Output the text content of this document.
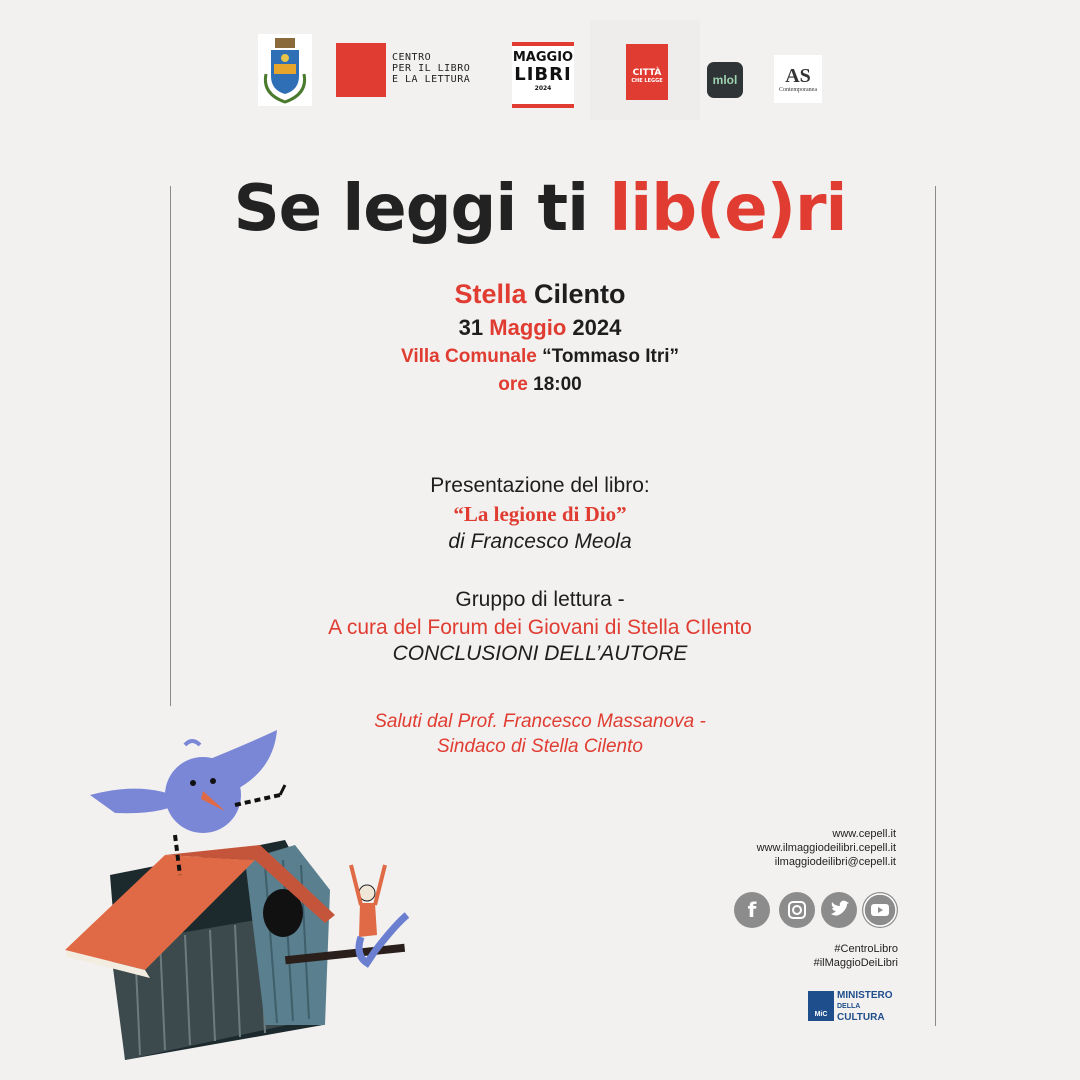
CENTRO
PER IL LIBRO
E LA LETTURA
MAGGIO
LIBRI
2024
CITTÀ
CHE LEGGE	mlol	AS
Contemporanea
Se leggi ti lib(e)ri
Stella Cilento
31 Maggio 2024
Villa Comunale “Tommaso Itri”
ore 18:00
Presentazione del libro:
“La legione di Dio”
di Francesco Meola
Gruppo di lettura -
A cura del Forum dei Giovani di Stella CIlento
CONCLUSIONI DELL’AUTORE
Saluti dal Prof. Francesco Massanova -
Sindaco di Stella Cilento
www.cepell.it
www.ilmaggiodeilibri.cepell.it
ilmaggiodeilibri@cepell.it
f
#CentroLibro
#ilMaggioDeiLibri
MiC
MINISTERO
DELLA
CULTURA
